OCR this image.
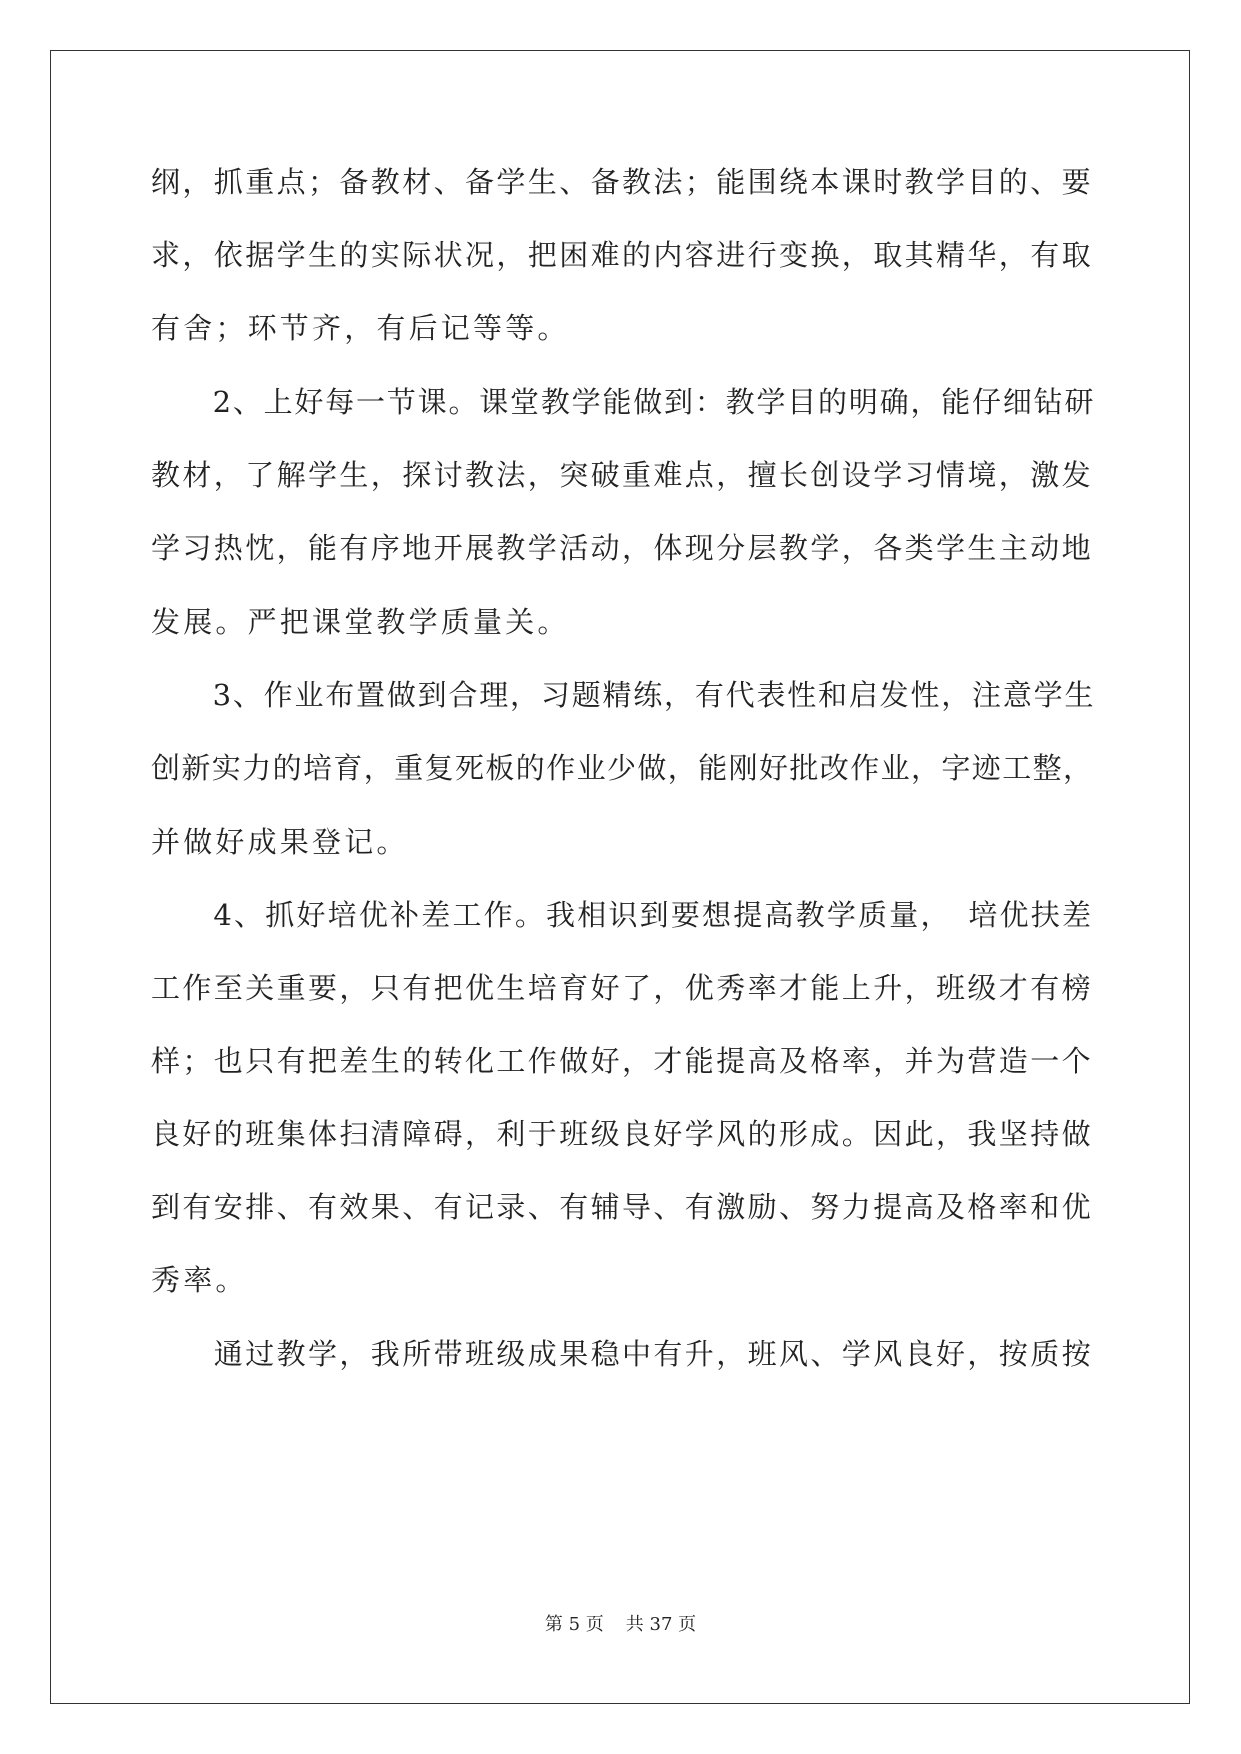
纲，抓重点；备教材、备学生、备教法；能围绕本课时教学目的、要
求，依据学生的实际状况，把困难的内容进行变换，取其精华，有取
有舍；环节齐，有后记等等。
　　2、上好每一节课。课堂教学能做到：教学目的明确，能仔细钻研
教材，了解学生，探讨教法，突破重难点，擅长创设学习情境，激发
学习热忱，能有序地开展教学活动，体现分层教学，各类学生主动地
发展。严把课堂教学质量关。
　　3、作业布置做到合理，习题精练，有代表性和启发性，注意学生
创新实力的培育，重复死板的作业少做，能刚好批改作业，字迹工整，
并做好成果登记。
　　4、抓好培优补差工作。我相识到要想提高教学质量，　培优扶差
工作至关重要，只有把优生培育好了，优秀率才能上升，班级才有榜
样；也只有把差生的转化工作做好，才能提高及格率，并为营造一个
良好的班集体扫清障碍，利于班级良好学风的形成。因此，我坚持做
到有安排、有效果、有记录、有辅导、有激励、努力提高及格率和优
秀率。
　　通过教学，我所带班级成果稳中有升，班风、学风良好，按质按
第 5 页 共 37 页
